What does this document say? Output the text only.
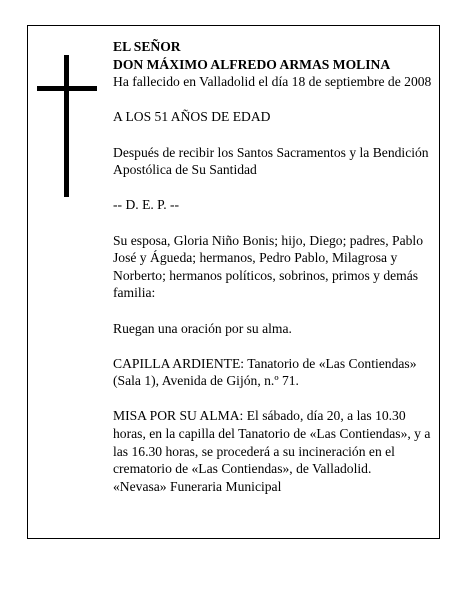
EL SEÑOR

DON MÁXIMO ALFREDO ARMAS MOLINA

Ha fallecido en Valladolid el día 18 de septiembre de 2008

A LOS 51 AÑOS DE EDAD

Después de recibir los Santos Sacramentos y la Bendición Apostólica de Su Santidad

-- D. E. P. --

Su esposa, Gloria Niño Bonis; hijo, Diego; padres, Pablo José y Águeda; hermanos, Pedro Pablo, Milagrosa y Norberto; hermanos políticos, sobrinos, primos y demás familia:

Ruegan una oración por su alma.

CAPILLA ARDIENTE: Tanatorio de «Las Contiendas» (Sala 1), Avenida de Gijón, n.º 71.

MISA POR SU ALMA: El sábado, día 20, a las 10.30 horas, en la capilla del Tanatorio de «Las Contiendas», y a las 16.30 horas, se procederá a su incineración en el crematorio de «Las Contiendas», de Valladolid.

«Nevasa» Funeraria Municipal
